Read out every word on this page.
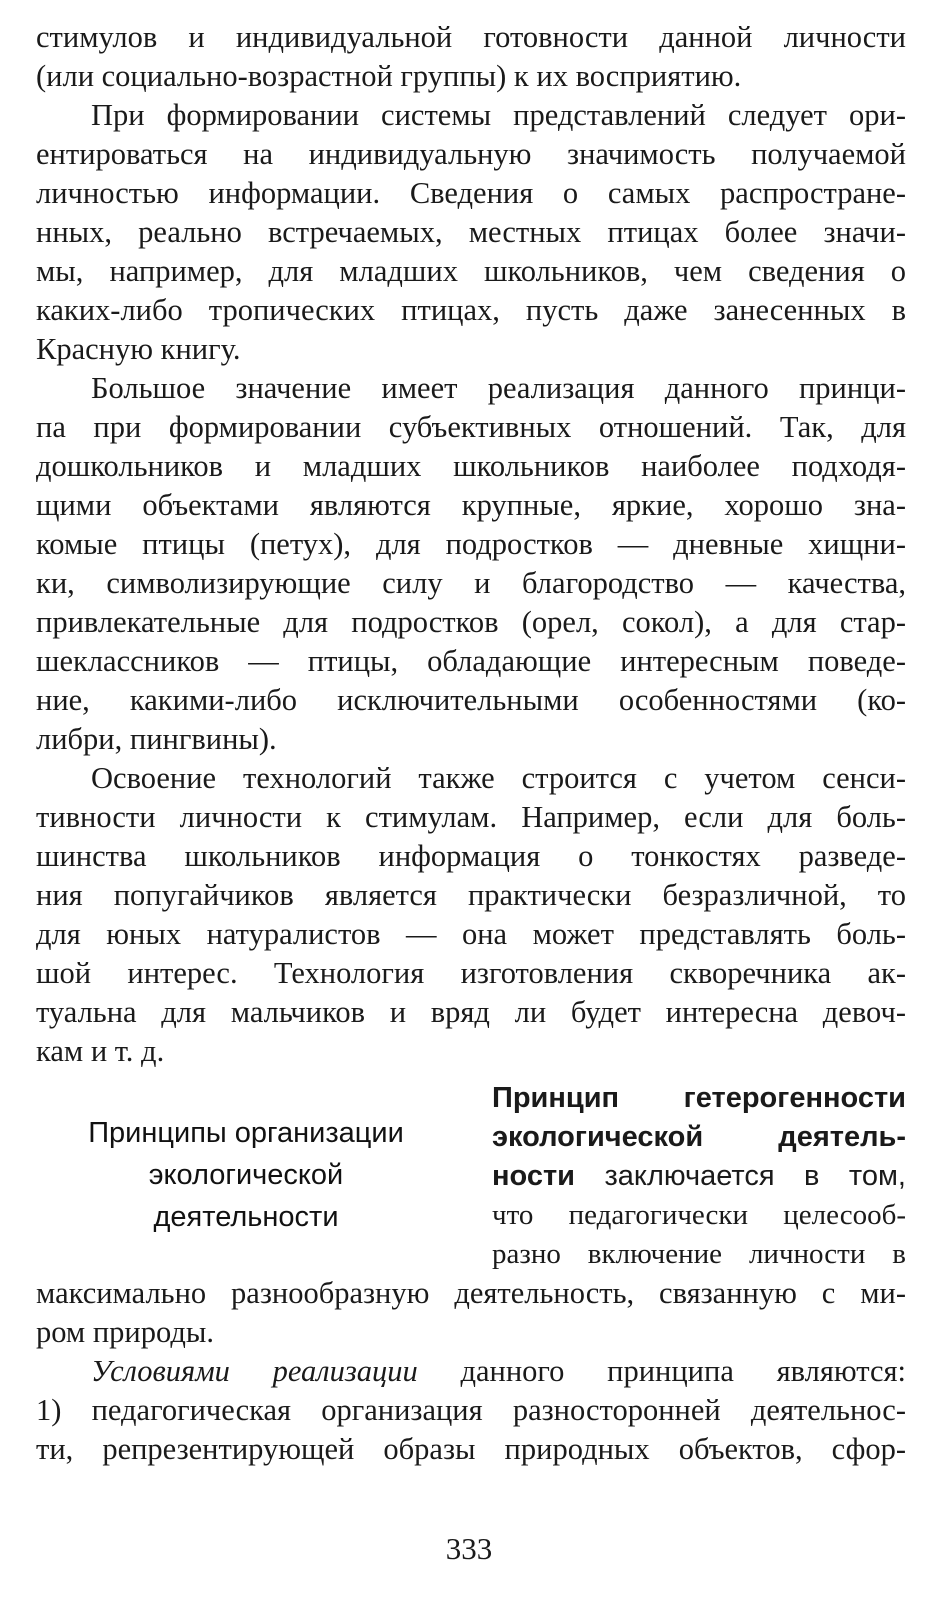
стимулов и индивидуальной готовности данной личности
(или социально-возрастной группы) к их восприятию.
При формировании системы представлений следует ори-
ентироваться на индивидуальную значимость получаемой
личностью информации. Сведения о самых распростране-
нных, реально встречаемых, местных птицах более значи-
мы, например, для младших школьников, чем сведения о
каких-либо тропических птицах, пусть даже занесенных в
Красную книгу.
Большое значение имеет реализация данного принци-
па при формировании субъективных отношений. Так, для
дошкольников и младших школьников наиболее подходя-
щими объектами являются крупные, яркие, хорошо зна-
комые птицы (петух), для подростков — дневные хищни-
ки, символизирующие силу и благородство — качества,
привлекательные для подростков (орел, сокол), а для стар-
шеклассников — птицы, обладающие интересным поведе-
ние, какими-либо исключительными особенностями (ко-
либри, пингвины).
Освоение технологий также строится с учетом сенси-
тивности личности к стимулам. Например, если для боль-
шинства школьников информация о тонкостях разведе-
ния попугайчиков является практически безразличной, то
для юных натуралистов — она может представлять боль-
шой интерес. Технология изготовления скворечника ак-
туальна для мальчиков и вряд ли будет интересна девоч-
кам и т. д.
Принципы организации
экологической
деятельности
Принцип гетерогенности
экологической деятель-
ности заключается в том,
что педагогически целесооб-
разно включение личности в
максимально разнообразную деятельность, связанную с ми-
ром природы.
Условиями реализации данного принципа являются:
1) педагогическая организация разносторонней деятельнос-
ти, репрезентирующей образы природных объектов, сфор-
333
